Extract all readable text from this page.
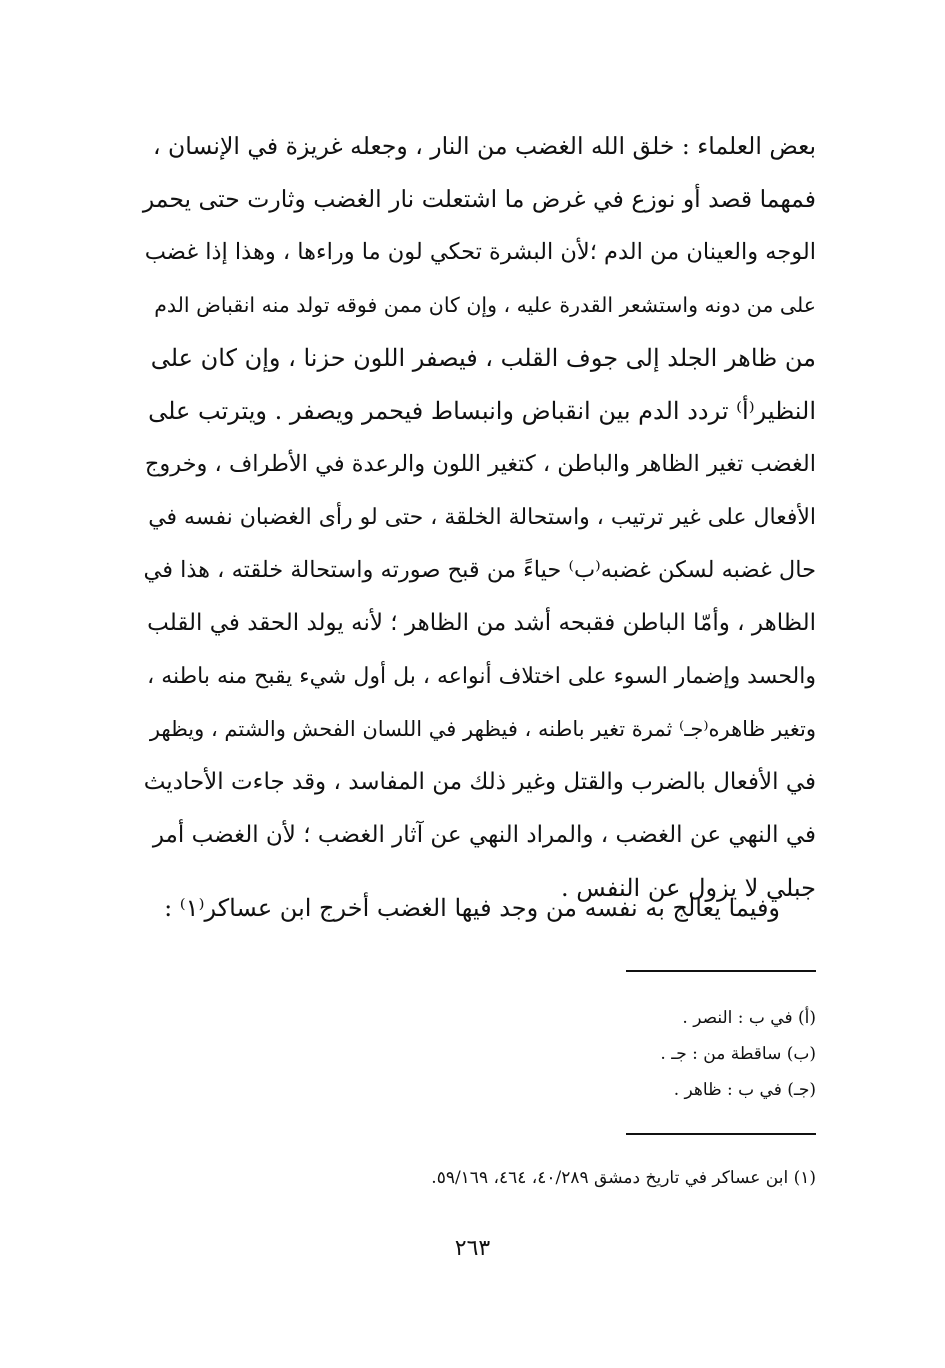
بعض العلماء : خلق الله الغضب من النار ، وجعله غريزة في الإنسان ،
فمهما قصد أو نوزع في غرض ما اشتعلت نار الغضب وثارت حتى يحمر
الوجه والعينان من الدم ؛لأن البشرة تحكي لون ما وراءها ، وهذا إذا غضب
على من دونه واستشعر القدرة عليه ، وإن كان ممن فوقه تولد منه انقباض الدم
من ظاهر الجلد إلى جوف القلب ، فيصفر اللون حزنا ، وإن كان على
النظير⁽أ⁾ تردد الدم بين انقباض وانبساط فيحمر ويصفر . ويترتب على
الغضب تغير الظاهر والباطن ، كتغير اللون والرعدة في الأطراف ، وخروج
الأفعال على غير ترتيب ، واستحالة الخلقة ، حتى لو رأى الغضبان نفسه في
حال غضبه لسكن غضبه⁽ب⁾ حياءً من قبح صورته واستحالة خلقته ، هذا في
الظاهر ، وأمّا الباطن فقبحه أشد من الظاهر ؛ لأنه يولد الحقد في القلب
والحسد وإضمار السوء على اختلاف أنواعه ، بل أول شيء يقبح منه باطنه ،
وتغير ظاهره⁽جـ⁾ ثمرة تغير باطنه ، فيظهر في اللسان الفحش والشتم ، ويظهر
في الأفعال بالضرب والقتل وغير ذلك من المفاسد ، وقد جاءت الأحاديث
في النهي عن الغضب ، والمراد النهي عن آثار الغضب ؛ لأن الغضب أمر
جبلي لا يزول عن النفس .
وفيما يعالج به نفسه من وجد فيها الغضب أخرج ابن عساكر⁽١⁾ :
(أ) في ب : النصر .
(ب) ساقطة من : جـ .
(جـ) في ب : ظاهر .
(١) ابن عساكر في تاريخ دمشق ٤٠/٢٨٩، ٤٦٤، ٥٩/١٦٩.
٢٦٣
